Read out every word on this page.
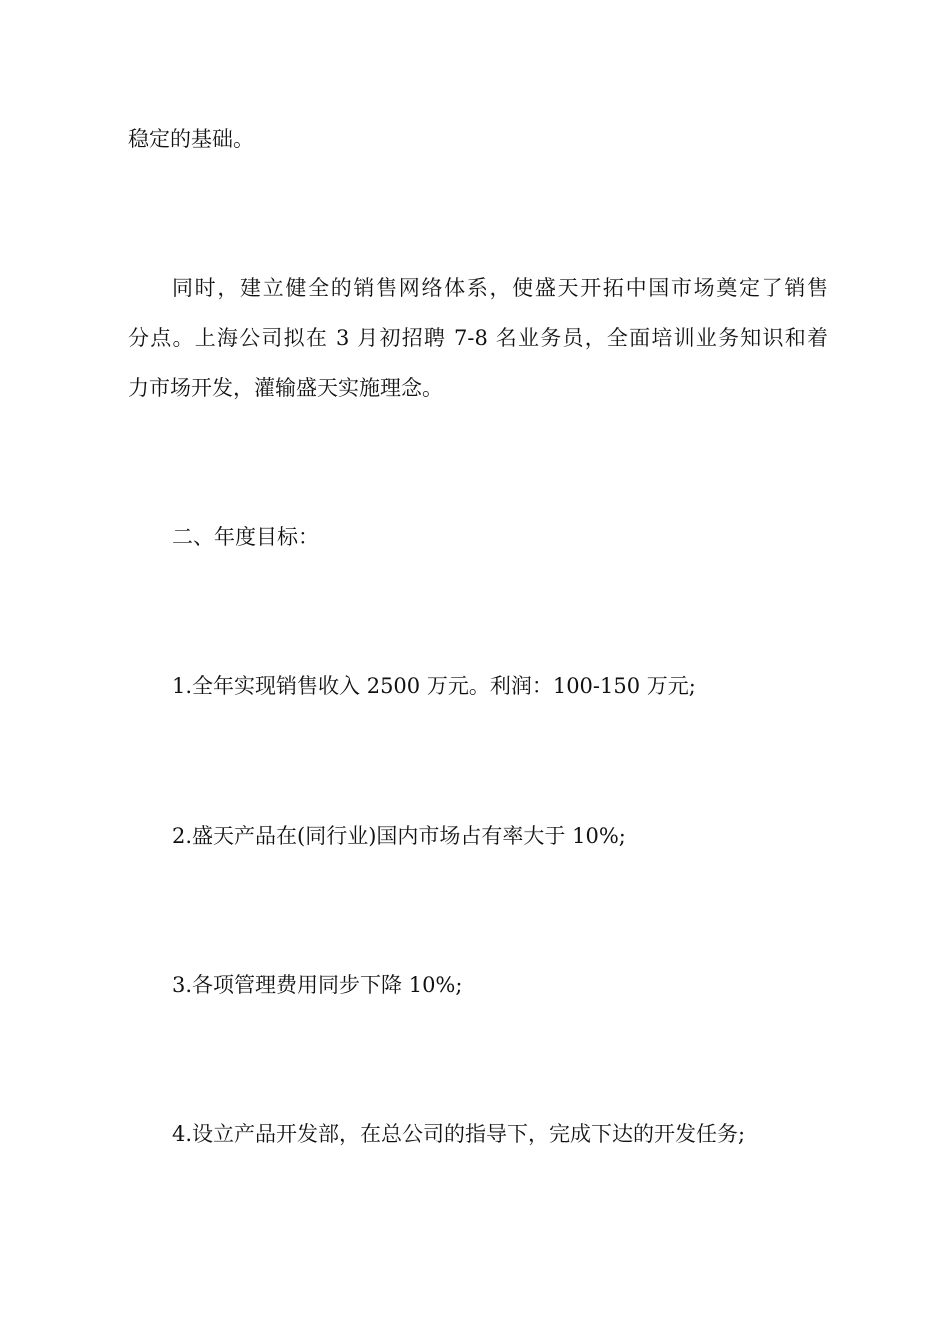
稳定的基础。
同时，建立健全的销售网络体系，使盛天开拓中国市场奠定了销售
分点。上海公司拟在 3 月初招聘 7-8 名业务员，全面培训业务知识和着
力市场开发，灌输盛天实施理念。
二、年度目标：
1.全年实现销售收入 2500 万元。利润：100-150 万元;
2.盛天产品在(同行业)国内市场占有率大于 10%;
3.各项管理费用同步下降 10%;
4.设立产品开发部，在总公司的指导下，完成下达的开发任务;
